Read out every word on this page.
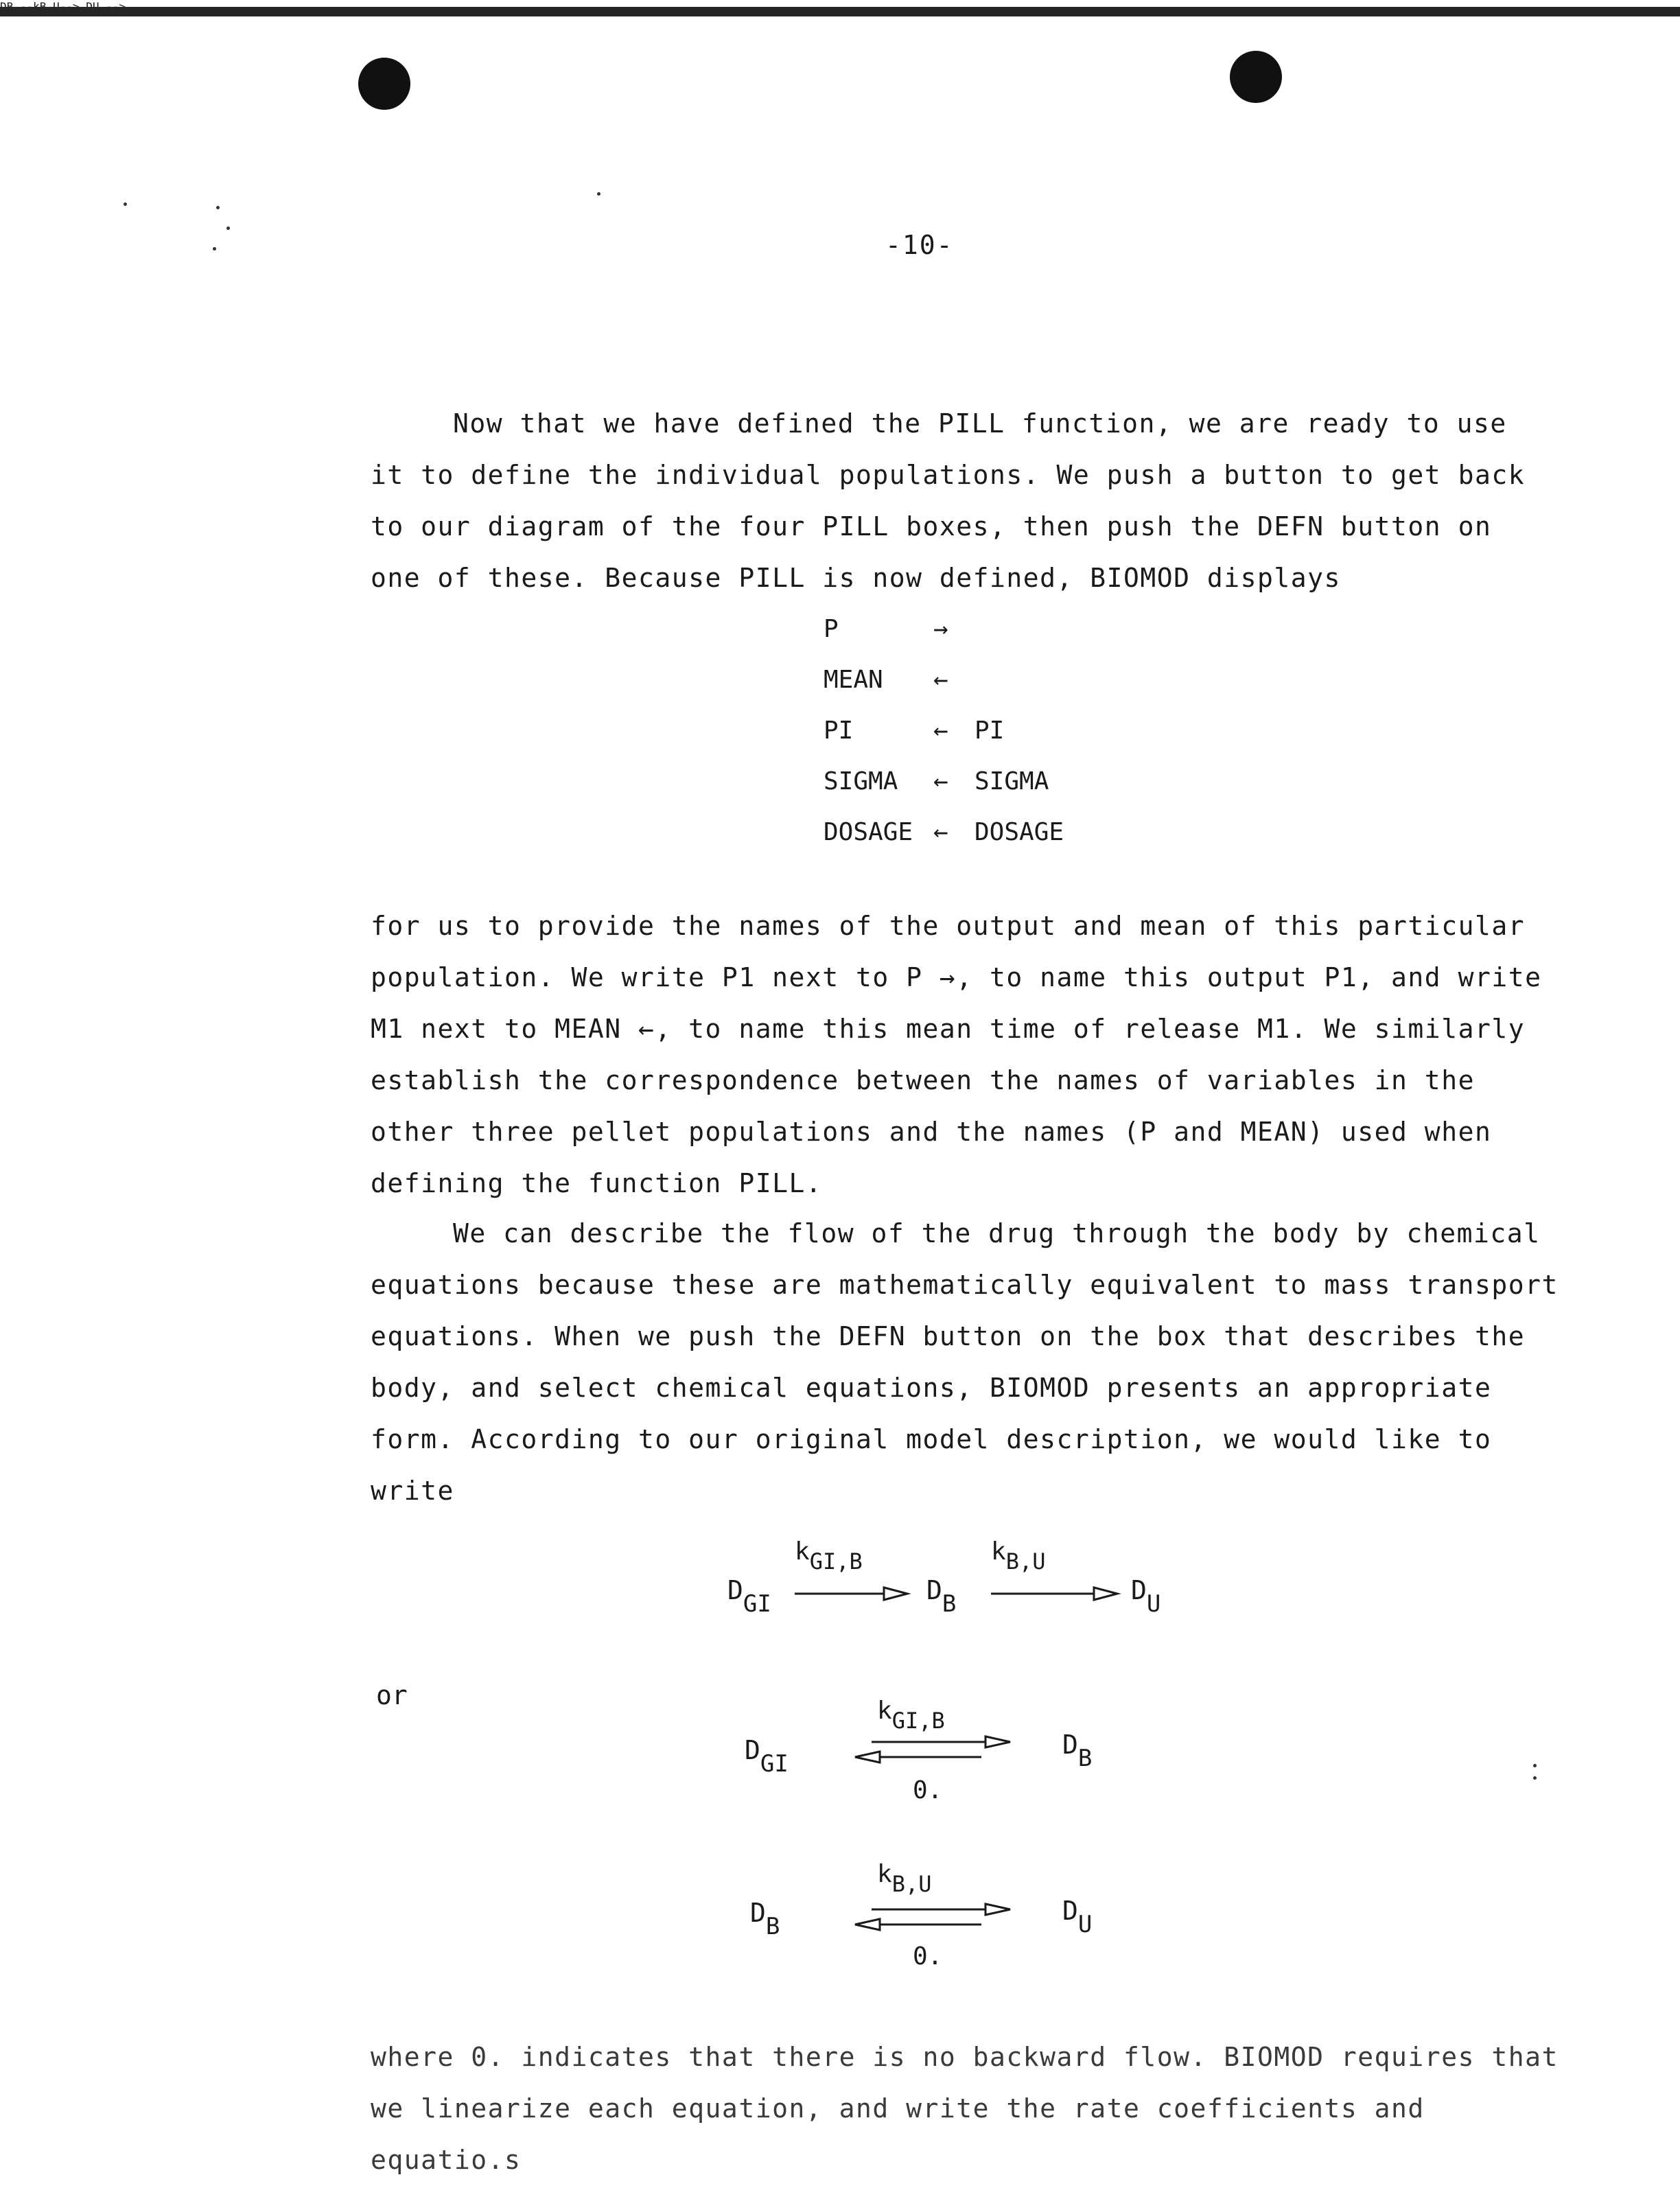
-10-

Now that we have defined the PILL function, we are ready to use
it to define the individual populations. We push a button to get back
to our diagram of the four PILL boxes, then push the DEFN button on
one of these. Because PILL is now defined, BIOMOD displays

P	→
MEAN	←
PI	←	PI
SIGMA	←	SIGMA
DOSAGE ←	DOSAGE

for us to provide the names of the output and mean of this particular
population. We write P1 next to P →, to name this output P1, and write
M1 next to MEAN ←, to name this mean time of release M1. We similarly
establish the correspondence between the names of variables in the
other three pellet populations and the names (P and MEAN) used when
defining the function PILL.

We can describe the flow of the drug through the body by chemical
equations because these are mathematically equivalent to mass transport
equations. When we push the DEFN button on the box that describes the
body, and select chemical equations, BIOMOD presents an appropriate
form. According to our original model description, we would like to
write

$D_{GI}$
$k_{GI,B}$
$D_B$
$k_{B,U}$
$D_U$
or
$D_{GI}$
$k_{GI,B}$
0.
$D_B$
$D_B$
$k_{B,U}$
0.
$D_U$

where 0. indicates that there is no backward flow. BIOMOD requires that
we linearize each equation, and write the rate coefficients and equatio.s
